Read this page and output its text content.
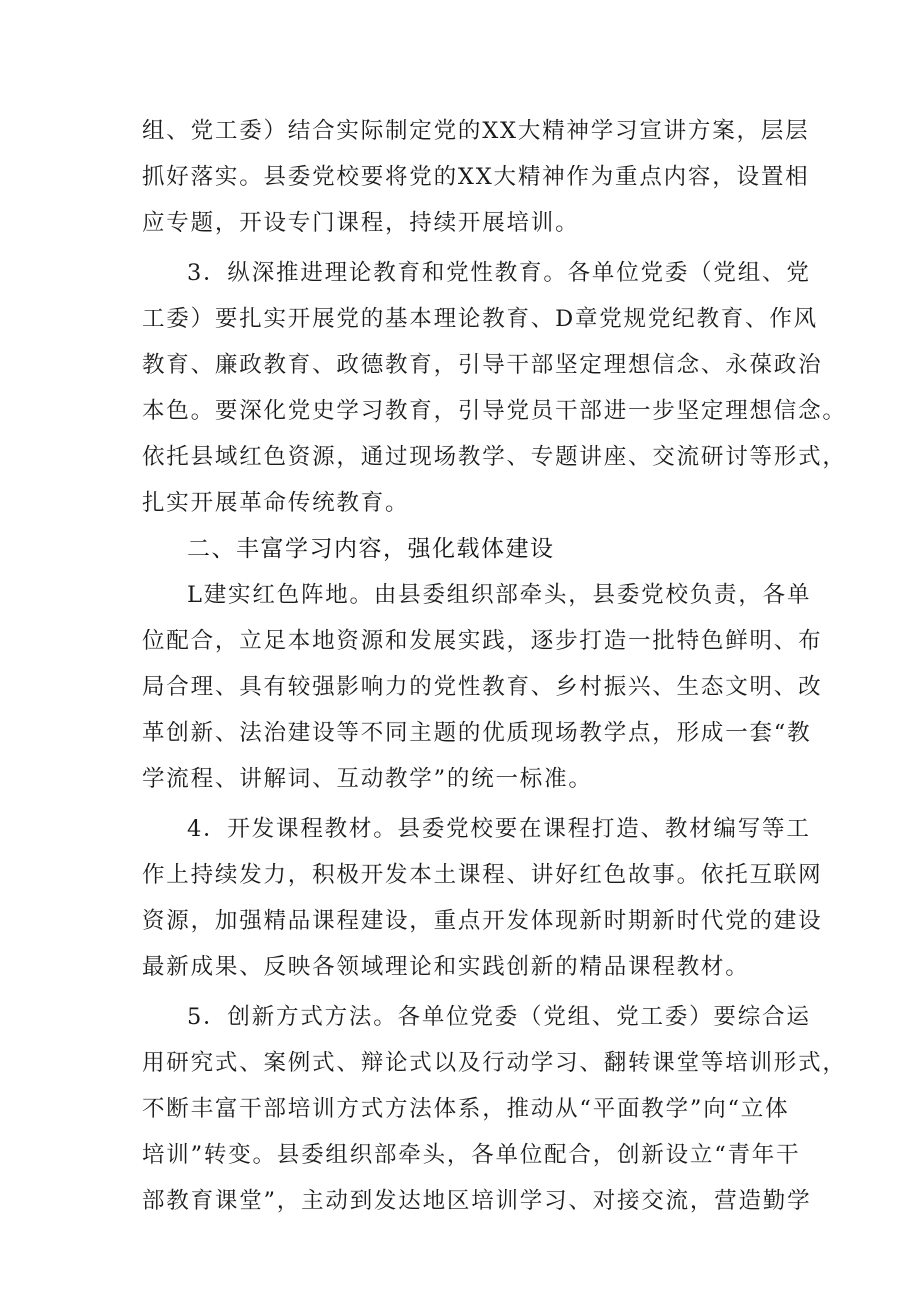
组、党工委）结合实际制定党的XX大精神学习宣讲方案，层层
抓好落实。县委党校要将党的XX大精神作为重点内容，设置相
应专题，开设专门课程，持续开展培训。
3．纵深推进理论教育和党性教育。各单位党委（党组、党
工委）要扎实开展党的基本理论教育、D章党规党纪教育、作风
教育、廉政教育、政德教育，引导干部坚定理想信念、永葆政治
本色。要深化党史学习教育，引导党员干部进一步坚定理想信念。
依托县域红色资源，通过现场教学、专题讲座、交流研讨等形式，
扎实开展革命传统教育。
二、丰富学习内容，强化载体建设
L建实红色阵地。由县委组织部牵头，县委党校负责，各单
位配合，立足本地资源和发展实践，逐步打造一批特色鲜明、布
局合理、具有较强影响力的党性教育、乡村振兴、生态文明、改
革创新、法治建设等不同主题的优质现场教学点，形成一套“教
学流程、讲解词、互动教学”的统一标准。
4．开发课程教材。县委党校要在课程打造、教材编写等工
作上持续发力，积极开发本土课程、讲好红色故事。依托互联网
资源，加强精品课程建设，重点开发体现新时期新时代党的建设
最新成果、反映各领域理论和实践创新的精品课程教材。
5．创新方式方法。各单位党委（党组、党工委）要综合运
用研究式、案例式、辩论式以及行动学习、翻转课堂等培训形式，
不断丰富干部培训方式方法体系，推动从“平面教学”向“立体
培训”转变。县委组织部牵头，各单位配合，创新设立“青年干
部教育课堂”，主动到发达地区培训学习、对接交流，营造勤学
